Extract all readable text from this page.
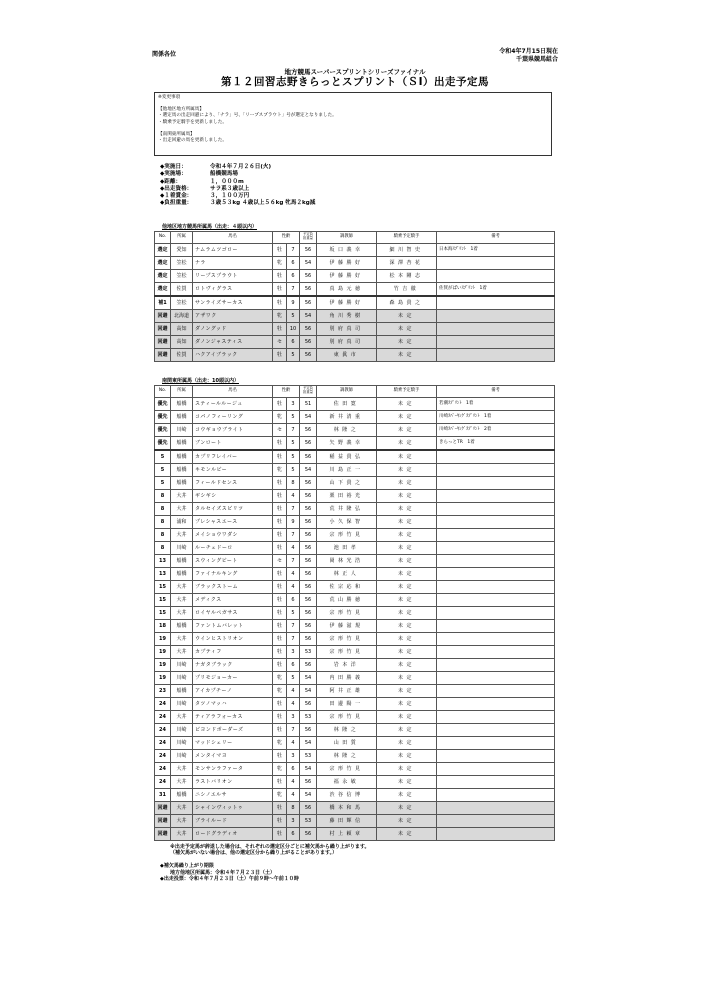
関係各位	令和4年7月15日現在
千葉県競馬組合
地方競馬スーパースプリントシリーズファイナル
第１２回習志野きらっとスプリント（ＳⅠ）出走予定馬

※変更事項

【他地区地方所属馬】

・選定馬の出走回避により、「ナラ」号、「リープスプラウト」号が選定となりました。

・騎乗予定騎手を更新しました。

【南関東所属馬】

・出走回避の馬を更新しました。

◆実施日：	令和４年７月２６日(火)
◆実施場：	船橋競馬場
◆距離：	１，０００m
◆出走資格：	サラ系３歳以上
◆１着賞金：	３，１００万円
◆負担重量：	３歳５３kg ４歳以上５６kg 牝馬２kg減
他地区地方競馬所属馬（出走：４頭以内）
No.	所属	馬名	性齢		予定負
担重量	調教師	騎乗予定騎手	備考
選定	愛知	ナムラムツゴロー	牡	7	56	坂口義幸	細川智史	日本海ｽﾌﾟﾘﾝﾄ　1着
選定	笠松	ナラ	牝	6	54	伊藤勝好	深澤杏花	
選定	笠松	リープスプラウト	牡	6	56	伊藤勝好	松本剛志	
選定	佐賀	ロトヴィグラス	牡	7	56	真島元徳	竹吉徹	佐賀がばいｽﾌﾟﾘﾝﾄ　1着
補1	笠松	サンライズサーカス	牡	9	56	伊藤勝好	森島貴之	
回避	北海道	アザワク	牝	5	54	角川秀樹	未定	
回避	高知	ダノングッド	牡	10	56	別府真司	未定	
回避	高知	ダノンジャスティス	セ	6	56	別府真司	未定	
回避	佐賀	ハクアイブラック	牡	5	56	東眞市	未定	
南関東所属馬（出走：10頭以内）
No.	所属	馬名	性齢		予定負
担重量	調教師	騎乗予定騎手	備考
優先	船橋	スティールルージュ	牡	3	51	佐田寛	未定	若潮ｽﾌﾟﾘﾝﾄ　1着
優先	船橋	コパノフィーリング	牝	5	54	新井清重	未定	川崎ｽﾊﾟｰｷﾝｸﾞｽﾌﾟﾘﾝﾄ　1着
優先	川崎	コウギョウブライト	セ	7	56	林隆之	未定	川崎ｽﾊﾟｰｷﾝｸﾞｽﾌﾟﾘﾝﾄ　2着
優先	船橋	ブンロート	牡	5	56	矢野義幸	未定	きらっとTR　1着
5	船橋	カプリフレイバー	牡	5	56	稲益貴弘	未定	
5	船橋	キモンルビー	牝	5	54	川島正一	未定	
5	船橋	フィールドセンス	牡	8	56	山下貴之	未定	
8	大井	ギシギシ	牡	4	56	栗田裕光	未定	
8	大井	タルセイズスピリツ	牡	7	56	荒井隆弘	未定	
8	浦和	プレシャスエース	牡	9	56	小久保智	未定	
8	大井	メイショウワダシ	牡	7	56	宗形竹見	未定	
8	川崎	ルーチェドーロ	牡	4	56	池田孝	未定	
13	船橋	スウィングビート	セ	7	56	岡林光浩	未定	
13	船橋	ファイナルキング	牡	4	56	林正人	未定	
15	大井	ブラックストーム	牡	4	56	佐宗応和	未定	
15	大井	メディクス	牡	6	56	荒山勝徳	未定	
15	大井	ロイヤルペガサス	牡	5	56	宗形竹見	未定	
18	船橋	ファントムバレット	牡	7	56	伊藤滋規	未定	
19	大井	ウインヒストリオン	牡	7	56	宗形竹見	未定	
19	大井	カプティフ	牡	3	53	宗形竹見	未定	
19	川崎	ナガタブラック	牡	6	56	岩本洋	未定	
19	川崎	プリモジョーカー	牝	5	54	内田勝義	未定	
23	船橋	アイカプチーノ	牝	4	54	阿井正雄	未定	
24	川崎	タツノマッハ	牡	4	56	田邊陽一	未定	
24	大井	ティアラフォーカス	牡	3	53	宗形竹見	未定	
24	川崎	ビヨンドボーダーズ	牡	7	56	林隆之	未定	
24	川崎	マッドシェリー	牝	4	54	山田質	未定	
24	川崎	メンタイマヨ	牡	3	53	林隆之	未定	
24	大井	モンサンラファータ	牝	6	54	宗形竹見	未定	
24	大井	ラストバリオン	牡	4	56	福永敏	未定	
31	船橋	ニシノエルサ	牝	4	54	渋谷信博	未定	
回避	大井	シャインヴィットゥ	牡	8	56	橋本和馬	未定	
回避	大井	ブライルード	牡	3	53	藤田輝信	未定	
回避	大井	ロードグラディオ	牡	6	56	村上頼章	未定	
※出走予定馬が辞退した場合は、それぞれの選定区分ごとに補欠馬から繰り上がります。
（補欠馬がいない場合は、他の選定区分から繰り上がることがあります。）
◆補欠馬繰り上がり期限
地方他地区所属馬：令和４年７月２３日（土）
◆出走投票：令和４年７月２３日（土）午前９時～午前１０時
